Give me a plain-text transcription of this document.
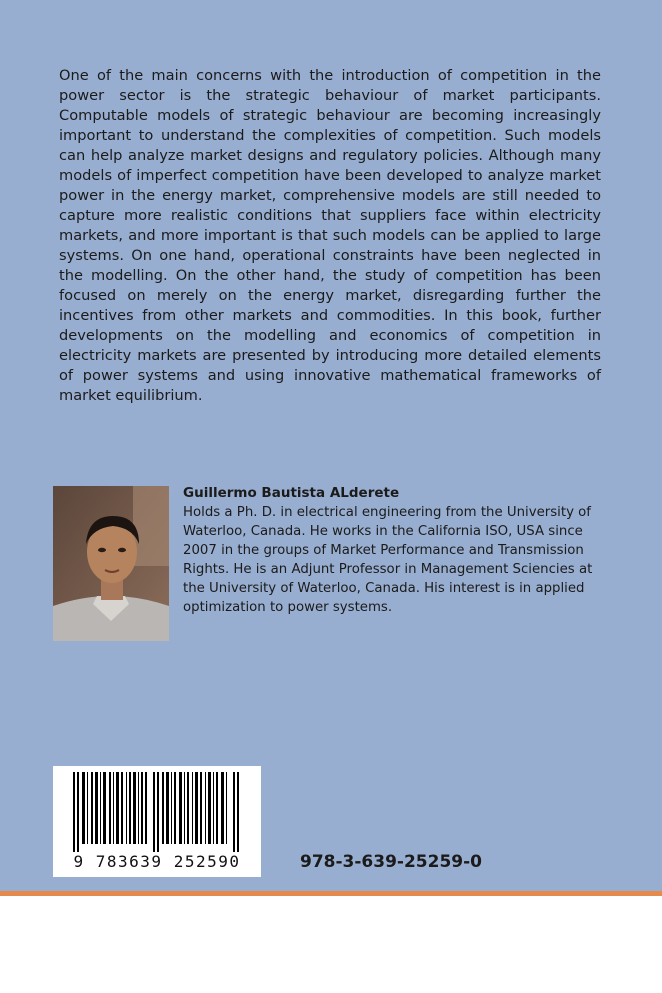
One of the main concerns with the introduction of competition in the power sector is the strategic behaviour of market participants. Computable models of strategic behaviour are becoming increasingly important to understand the complexities of competition. Such models can help analyze market designs and regulatory policies. Although many models of imperfect competition have been developed to analyze market power in the energy market, comprehensive models are still needed to capture more realistic conditions that suppliers face within electricity markets, and more important is that such models can be applied to large systems. On one hand, operational constraints have been neglected in the modelling. On the other hand, the study of competition has been focused on merely on the energy market, disregarding further the incentives from other markets and commodities. In this book, further developments on the modelling and economics of competition in electricity markets are presented by introducing more detailed elements of power systems and using innovative mathematical frameworks of market equilibrium.

Guillermo Bautista ALderete

Holds a Ph. D. in electrical engineering from the University of Waterloo, Canada. He works in the California ISO, USA since 2007 in the groups of Market Performance and Transmission Rights. He is an Adjunt Professor in Management Sciencies at the University of Waterloo, Canada. His interest is in applied optimization to power systems.

9 783639 252590	978-3-639-25259-0
